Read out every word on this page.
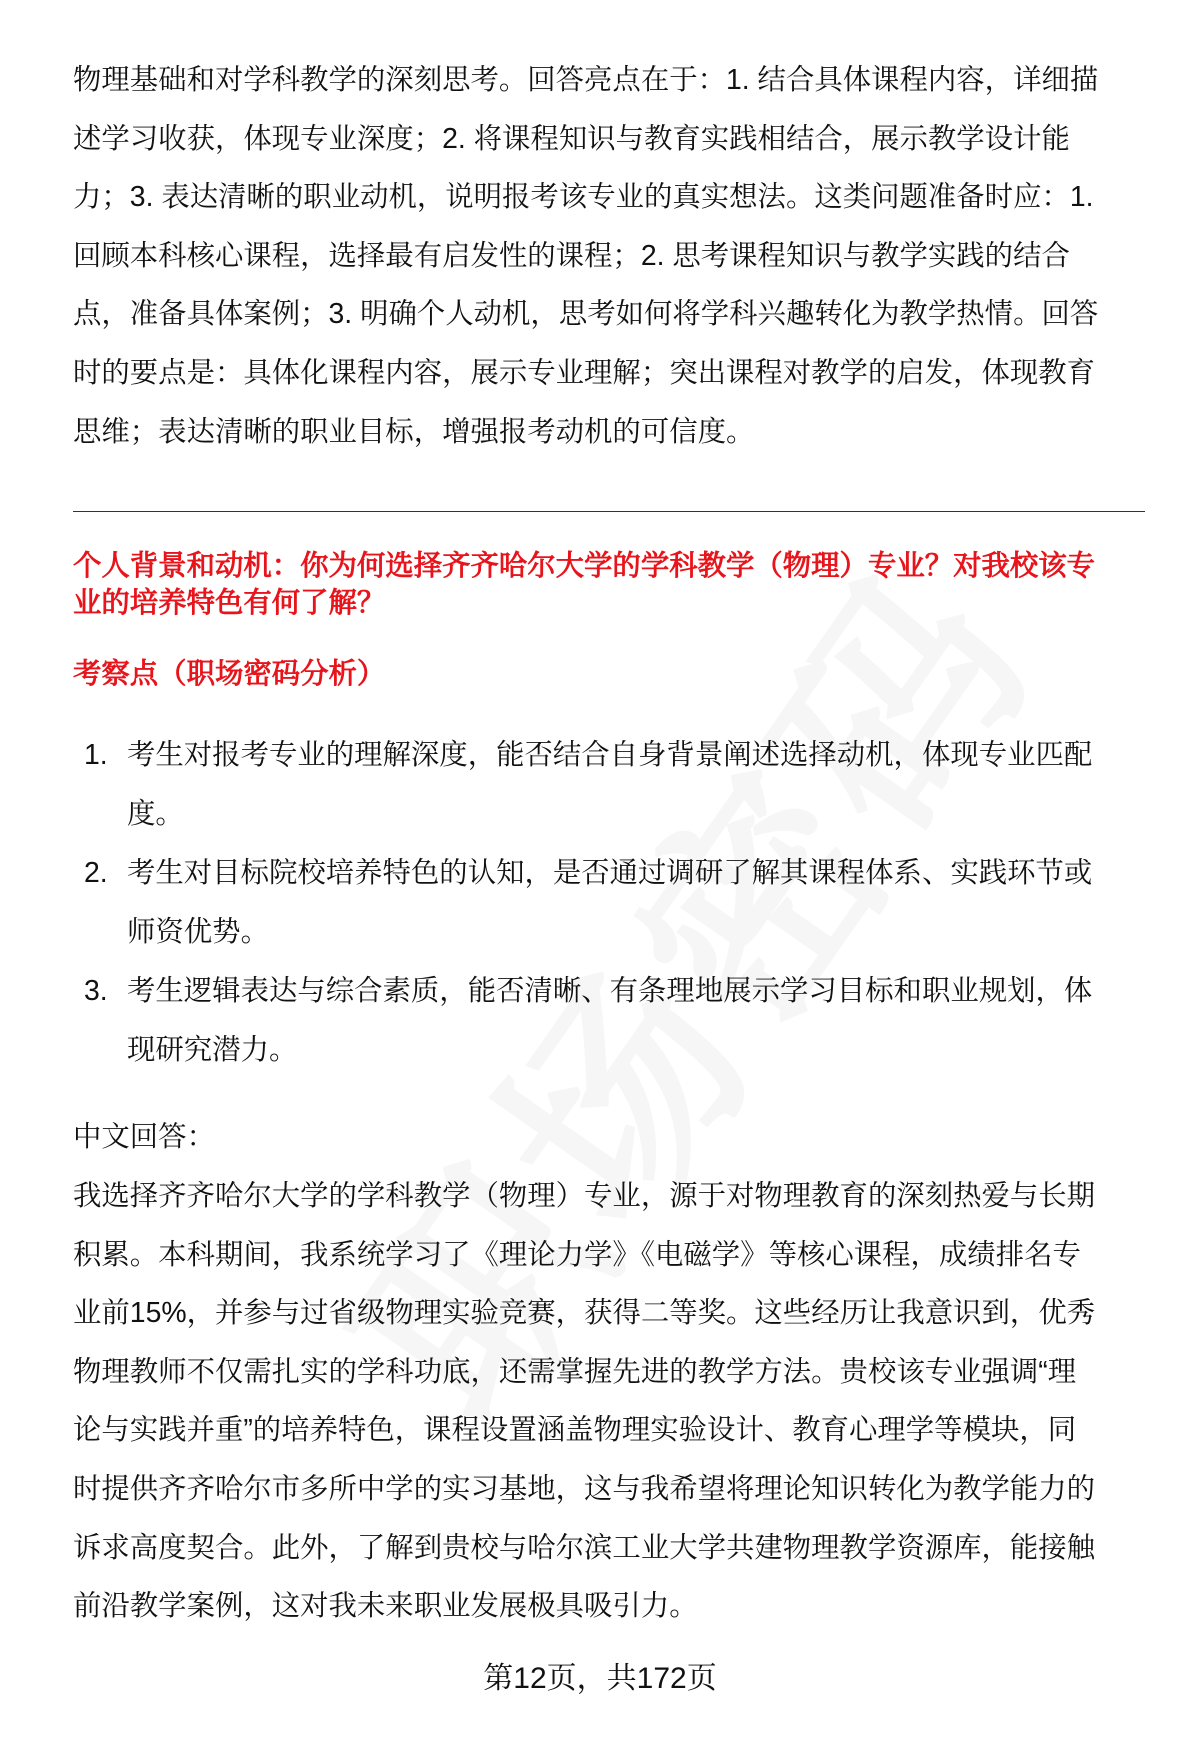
物理基础和对学科教学的深刻思考。回答亮点在于：1. 结合具体课程内容，详细描
述学习收获，体现专业深度；2. 将课程知识与教育实践相结合，展示教学设计能
力；3. 表达清晰的职业动机，说明报考该专业的真实想法。这类问题准备时应：1.
回顾本科核心课程，选择最有启发性的课程；2. 思考课程知识与教学实践的结合
点，准备具体案例；3. 明确个人动机，思考如何将学科兴趣转化为教学热情。回答
时的要点是：具体化课程内容，展示专业理解；突出课程对教学的启发，体现教育
思维；表达清晰的职业目标，增强报考动机的可信度。
个人背景和动机：你为何选择齐齐哈尔大学的学科教学（物理）专业？对我校该专
业的培养特色有何了解？
考察点（职场密码分析）
1. 考生对报考专业的理解深度，能否结合自身背景阐述选择动机，体现专业匹配
度。
2. 考生对目标院校培养特色的认知，是否通过调研了解其课程体系、实践环节或
师资优势。
3. 考生逻辑表达与综合素质，能否清晰、有条理地展示学习目标和职业规划，体
现研究潜力。
中文回答：
我选择齐齐哈尔大学的学科教学（物理）专业，源于对物理教育的深刻热爱与长期
积累。本科期间，我系统学习了《理论力学》《电磁学》等核心课程，成绩排名专
业前15%，并参与过省级物理实验竞赛，获得二等奖。这些经历让我意识到，优秀
物理教师不仅需扎实的学科功底，还需掌握先进的教学方法。贵校该专业强调“理
论与实践并重”的培养特色，课程设置涵盖物理实验设计、教育心理学等模块，同
时提供齐齐哈尔市多所中学的实习基地，这与我希望将理论知识转化为教学能力的
诉求高度契合。此外，了解到贵校与哈尔滨工业大学共建物理教学资源库，能接触
前沿教学案例，这对我未来职业发展极具吸引力。
第12页，共172页
